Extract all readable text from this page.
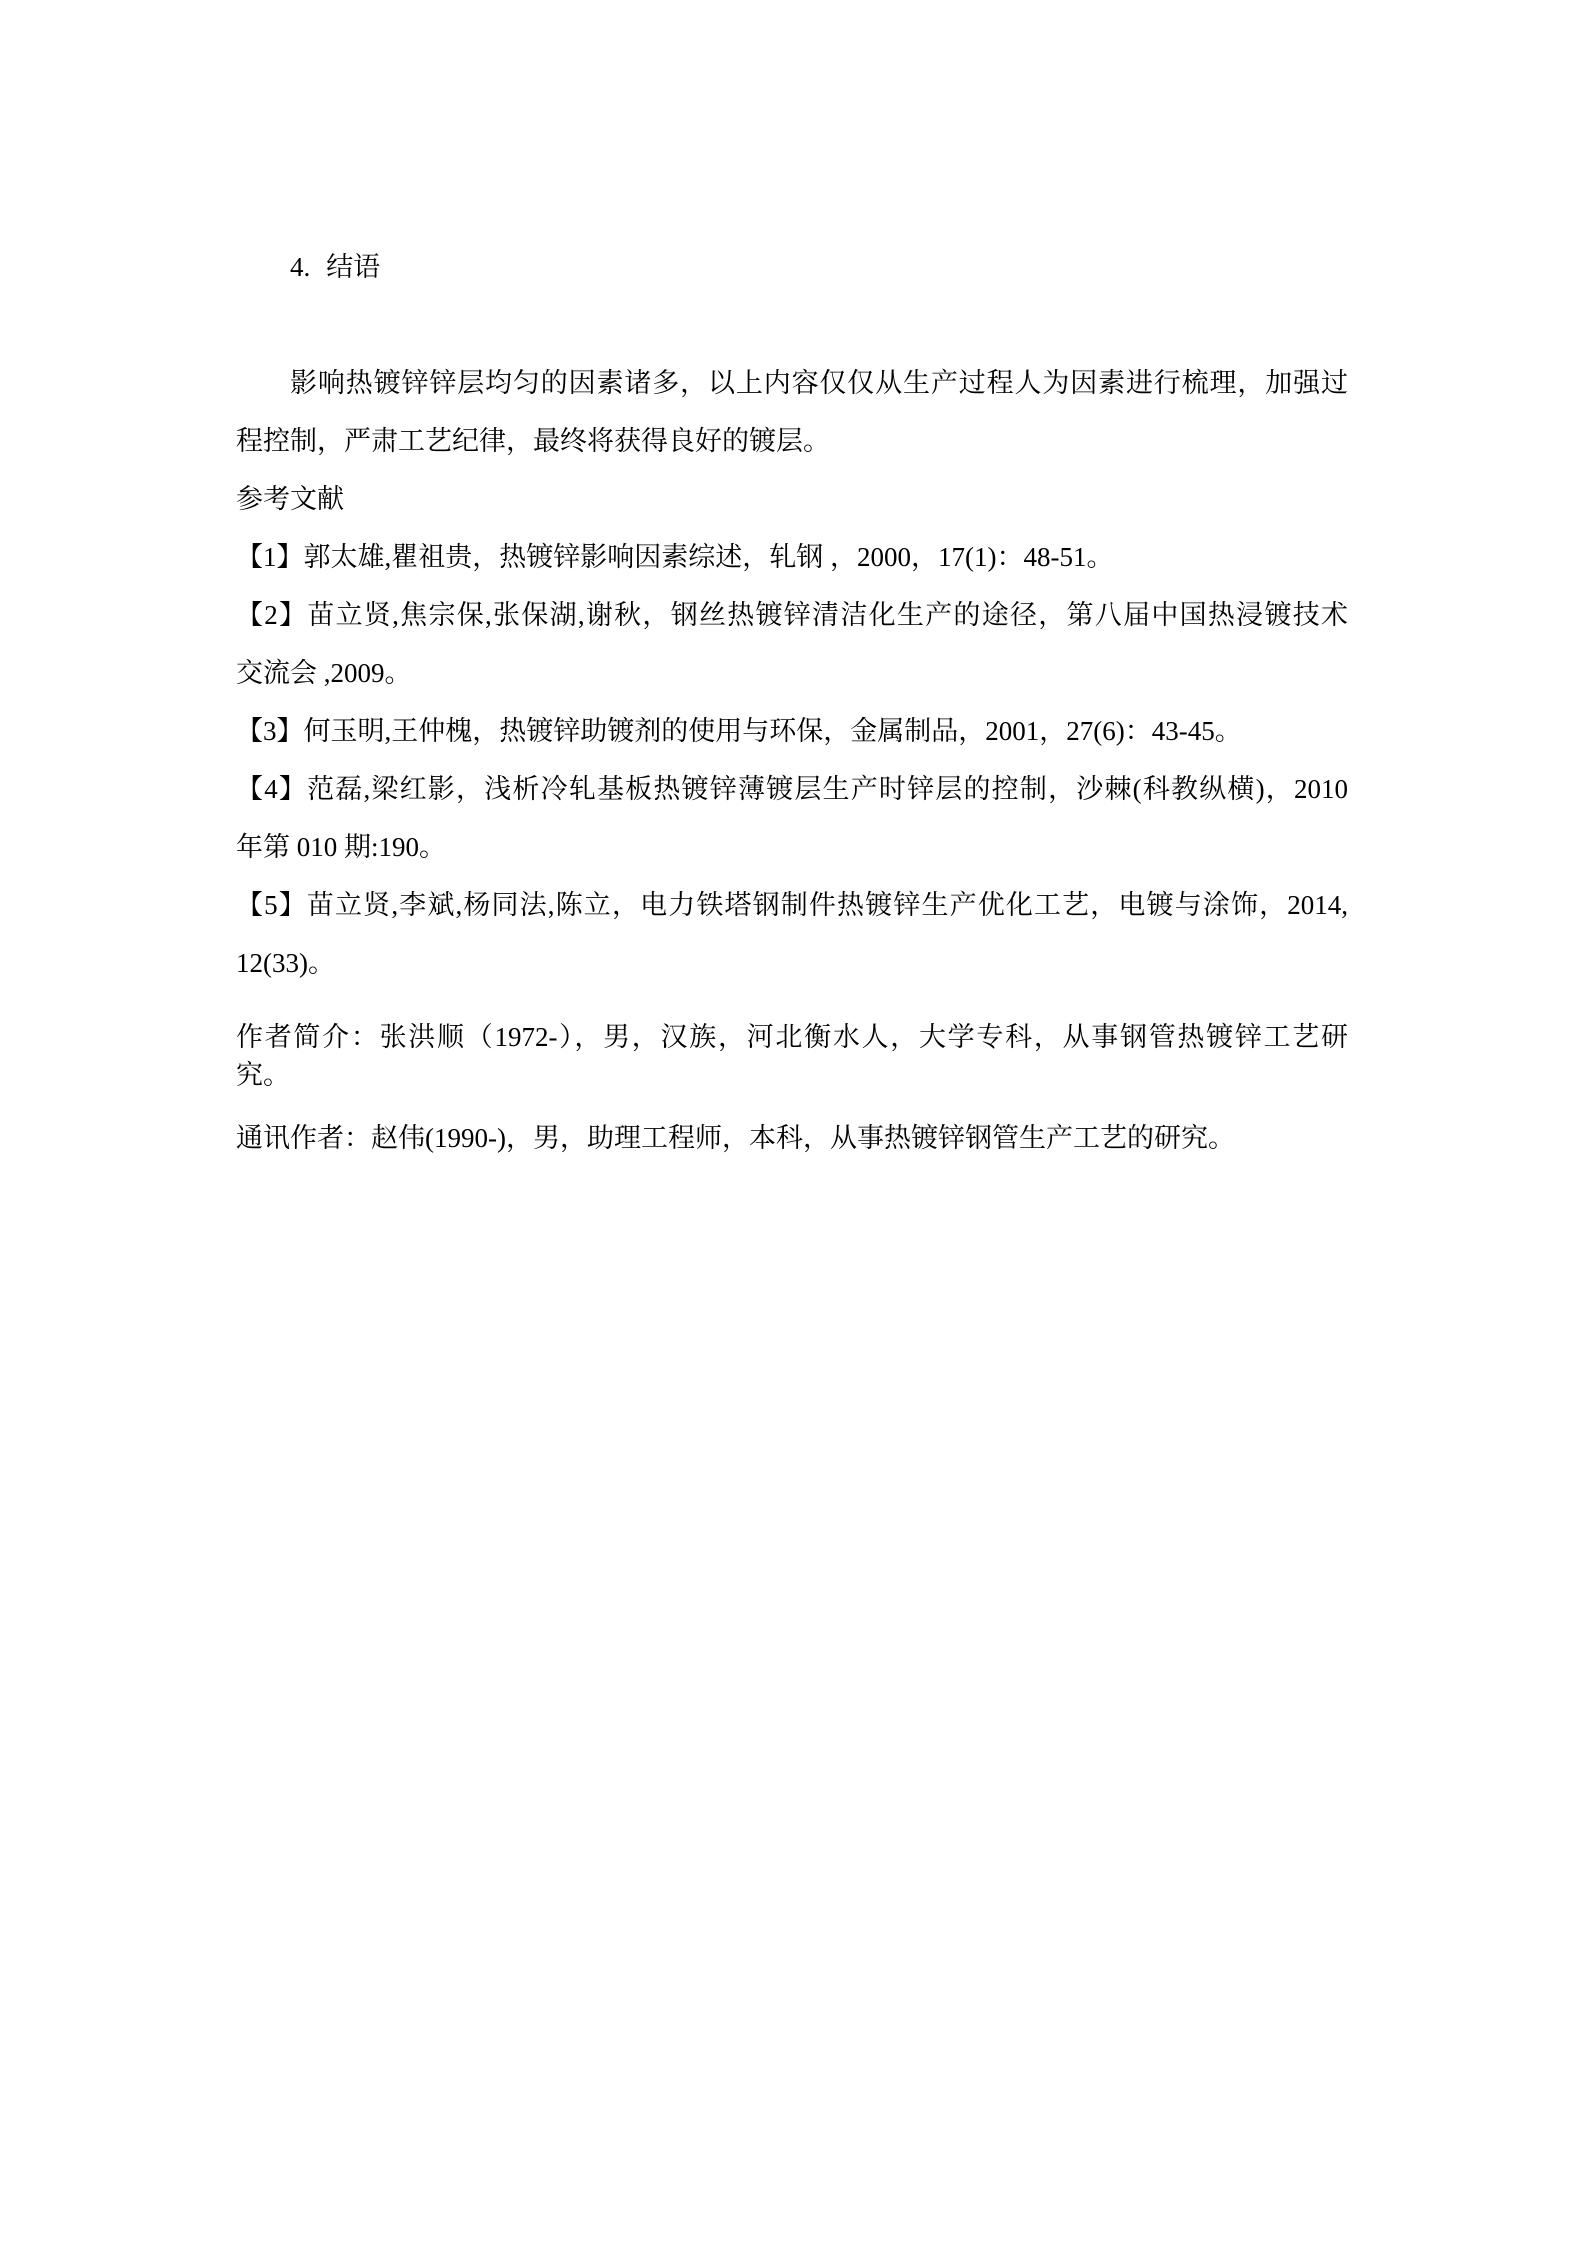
4. 结语

影响热镀锌锌层均匀的因素诸多，以上内容仅仅从生产过程人为因素进行梳理，加强过
程控制，严肃工艺纪律，最终将获得良好的镀层。
参考文献
【1】郭太雄,瞿祖贵，热镀锌影响因素综述，轧钢 ，2000，17(1)：48-51。
【2】苗立贤,焦宗保,张保湖,谢秋，钢丝热镀锌清洁化生产的途径，第八届中国热浸镀技术
交流会 ,2009。
【3】何玉明,王仲槐，热镀锌助镀剂的使用与环保，金属制品，2001，27(6)：43-45。
【4】范磊,梁红影，浅析冷轧基板热镀锌薄镀层生产时锌层的控制，沙棘(科教纵横)，2010
年第 010 期:190。
【5】苗立贤,李斌,杨同法,陈立，电力铁塔钢制件热镀锌生产优化工艺，电镀与涂饰，2014,
12(33)。
作者简介：张洪顺（1972-），男，汉族，河北衡水人，大学专科，从事钢管热镀锌工艺研
究。
通讯作者：赵伟(1990-)，男，助理工程师，本科，从事热镀锌钢管生产工艺的研究。
